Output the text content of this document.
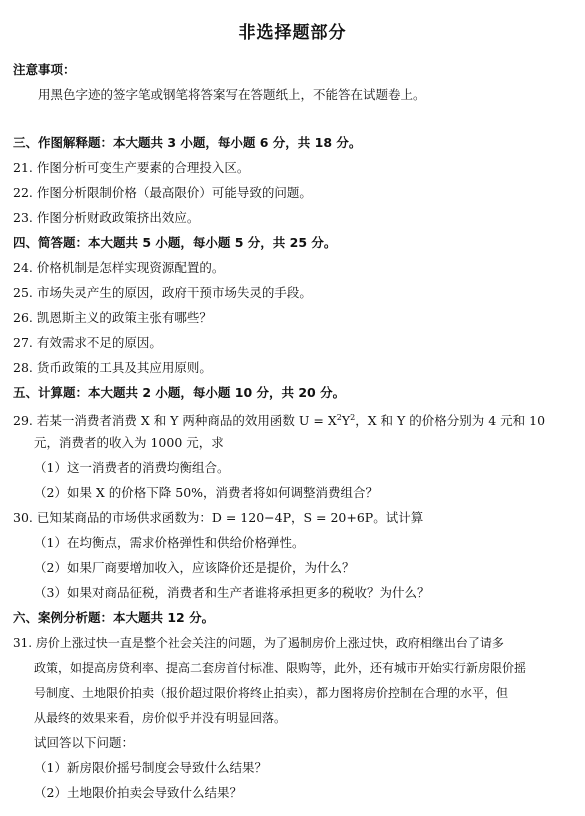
非选择题部分
注意事项：
用黑色字迹的签字笔或钢笔将答案写在答题纸上，不能答在试题卷上。
三、作图解释题：本大题共 3 小题，每小题 6 分，共 18 分。
21. 作图分析可变生产要素的合理投入区。
22. 作图分析限制价格（最高限价）可能导致的问题。
23. 作图分析财政政策挤出效应。
四、简答题：本大题共 5 小题，每小题 5 分，共 25 分。
24. 价格机制是怎样实现资源配置的。
25. 市场失灵产生的原因，政府干预市场失灵的手段。
26. 凯恩斯主义的政策主张有哪些？
27. 有效需求不足的原因。
28. 货币政策的工具及其应用原则。
五、计算题：本大题共 2 小题，每小题 10 分，共 20 分。
29. 若某一消费者消费 X 和 Y 两种商品的效用函数 $U = X^2Y^2$，X 和 Y 的价格分别为 4 元和 10
元，消费者的收入为 1000 元，求
（1）这一消费者的消费均衡组合。
（2）如果 X 的价格下降 50%，消费者将如何调整消费组合？
30. 已知某商品的市场供求函数为：D = 120−4P，S = 20+6P。试计算
（1）在均衡点，需求价格弹性和供给价格弹性。
（2）如果厂商要增加收入，应该降价还是提价，为什么？
（3）如果对商品征税，消费者和生产者谁将承担更多的税收？为什么？
六、案例分析题：本大题共 12 分。
31. 房价上涨过快一直是整个社会关注的问题，为了遏制房价上涨过快，政府相继出台了请多
政策，如提高房贷利率、提高二套房首付标准、限购等，此外，还有城市开始实行新房限价摇
号制度、土地限价拍卖（报价超过限价将终止拍卖），都力图将房价控制在合理的水平，但
从最终的效果来看，房价似乎并没有明显回落。
试回答以下问题：
（1）新房限价摇号制度会导致什么结果？
（2）土地限价拍卖会导致什么结果？
